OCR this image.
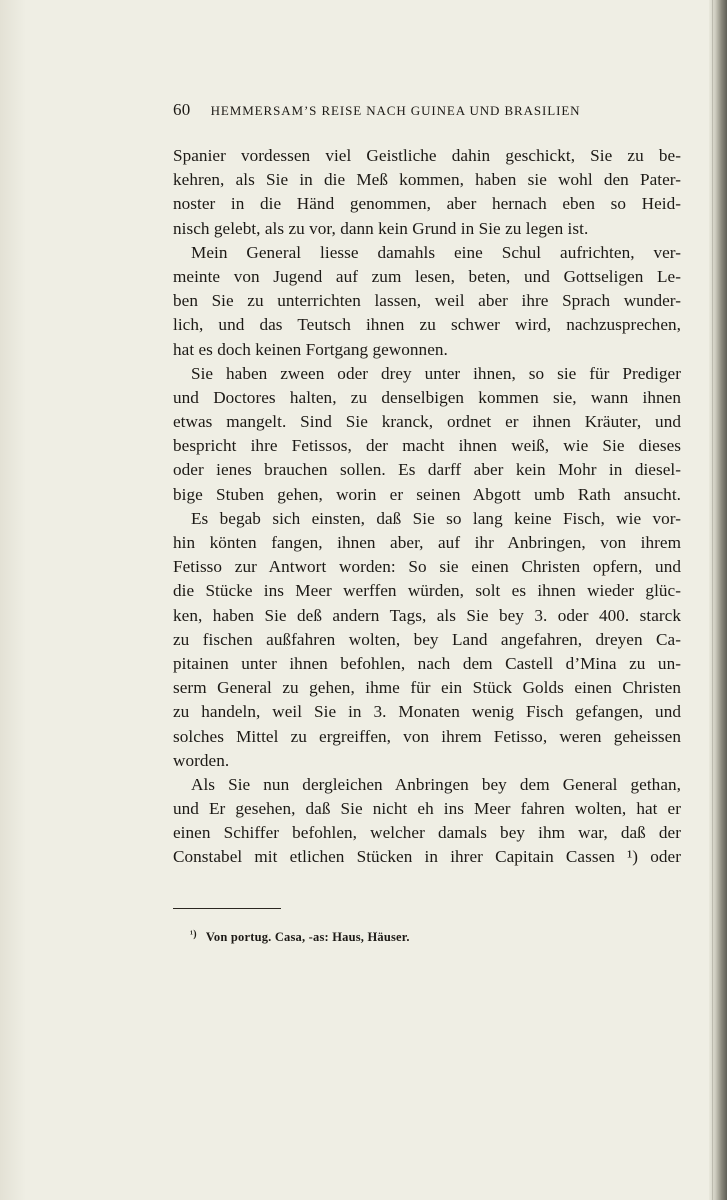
60 HEMMERSAM’S REISE NACH GUINEA UND BRASILIEN
Spanier vordessen viel Geistliche dahin geschickt, Sie zu be-
kehren, als Sie in die Meß kommen, haben sie wohl den Pater-
noster in die Händ genommen, aber hernach eben so Heid-
nisch gelebt, als zu vor, dann kein Grund in Sie zu legen ist.
Mein General liesse damahls eine Schul aufrichten, ver-
meinte von Jugend auf zum lesen, beten, und Gottseligen Le-
ben Sie zu unterrichten lassen, weil aber ihre Sprach wunder-
lich, und das Teutsch ihnen zu schwer wird, nachzusprechen,
hat es doch keinen Fortgang gewonnen.
Sie haben zween oder drey unter ihnen, so sie für Prediger
und Doctores halten, zu denselbigen kommen sie, wann ihnen
etwas mangelt. Sind Sie kranck, ordnet er ihnen Kräuter, und
bespricht ihre Fetissos, der macht ihnen weiß, wie Sie dieses
oder ienes brauchen sollen. Es darff aber kein Mohr in diesel-
bige Stuben gehen, worin er seinen Abgott umb Rath ansucht.
Es begab sich einsten, daß Sie so lang keine Fisch, wie vor-
hin könten fangen, ihnen aber, auf ihr Anbringen, von ihrem
Fetisso zur Antwort worden: So sie einen Christen opfern, und
die Stücke ins Meer werffen würden, solt es ihnen wieder glüc-
ken, haben Sie deß andern Tags, als Sie bey 3. oder 400. starck
zu fischen außfahren wolten, bey Land angefahren, dreyen Ca-
pitainen unter ihnen befohlen, nach dem Castell d’Mina zu un-
serm General zu gehen, ihme für ein Stück Golds einen Christen
zu handeln, weil Sie in 3. Monaten wenig Fisch gefangen, und
solches Mittel zu ergreiffen, von ihrem Fetisso, weren geheissen
worden.
Als Sie nun dergleichen Anbringen bey dem General gethan,
und Er gesehen, daß Sie nicht eh ins Meer fahren wolten, hat er
einen Schiffer befohlen, welcher damals bey ihm war, daß der
Constabel mit etlichen Stücken in ihrer Capitain Cassen ¹) oder
$^{^1)}$ Von portug. Casa, -as: Haus, Häuser.
